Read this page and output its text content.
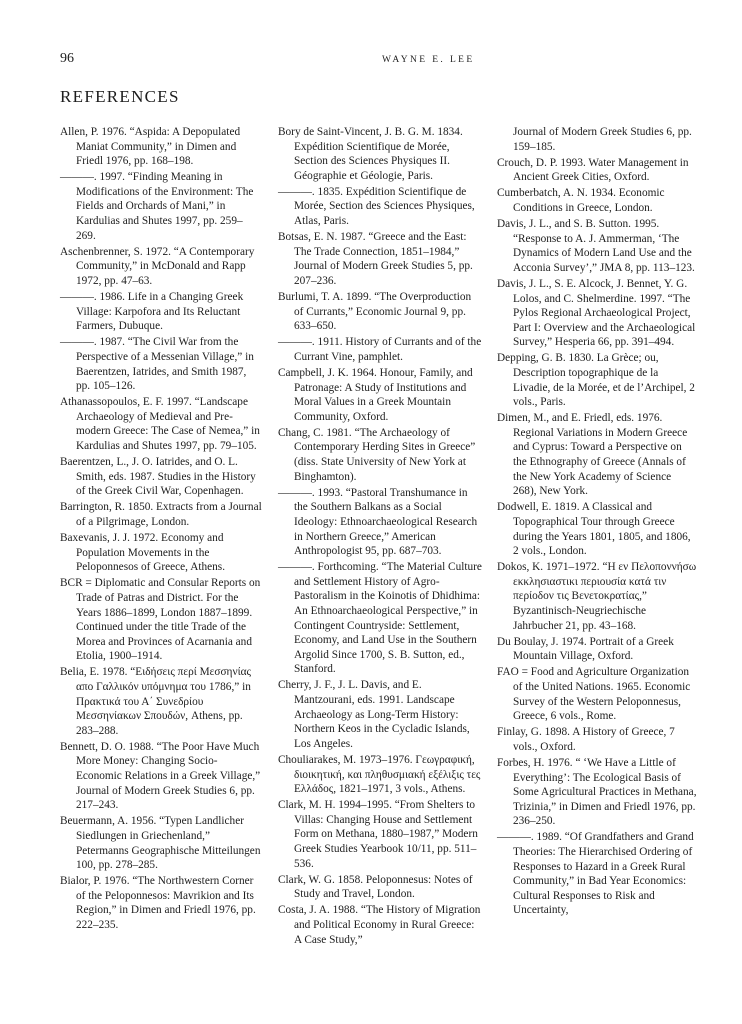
96	WAYNE E. LEE
REFERENCES

Allen, P. 1976. “Aspida: A Depopulated Maniat Community,” in Dimen and Friedl 1976, pp. 168–198.

———. 1997. “Finding Meaning in Modifications of the Environment: The Fields and Orchards of Mani,” in Kardulias and Shutes 1997, pp. 259–269.

Aschenbrenner, S. 1972. “A Contemporary Community,” in McDonald and Rapp 1972, pp. 47–63.

———. 1986. Life in a Changing Greek Village: Karpofora and Its Reluctant Farmers, Dubuque.

———. 1987. “The Civil War from the Perspective of a Messenian Village,” in Baerentzen, Iatrides, and Smith 1987, pp. 105–126.

Athanassopoulos, E. F. 1997. “Landscape Archaeology of Medieval and Pre-modern Greece: The Case of Nemea,” in Kardulias and Shutes 1997, pp. 79–105.

Baerentzen, L., J. O. Iatrides, and O. L. Smith, eds. 1987. Studies in the History of the Greek Civil War, Copenhagen.

Barrington, R. 1850. Extracts from a Journal of a Pilgrimage, London.

Baxevanis, J. J. 1972. Economy and Population Movements in the Peloponnesos of Greece, Athens.

BCR = Diplomatic and Consular Reports on Trade of Patras and District. For the Years 1886–1899, London 1887–1899. Continued under the title Trade of the Morea and Provinces of Acarnania and Etolia, 1900–1914.

Belia, E. 1978. “Ειδήσεις περί Μεσσηνίας απο Γαλλικόν υπόμνημα του 1786,” in Πρακτικά του Α΄ Συνεδρίου Μεσσηνίακων Σπουδών, Athens, pp. 283–288.

Bennett, D. O. 1988. “The Poor Have Much More Money: Changing Socio-Economic Relations in a Greek Village,” Journal of Modern Greek Studies 6, pp. 217–243.

Beuermann, A. 1956. “Typen Landlicher Siedlungen in Griechenland,” Petermanns Geographische Mitteilungen 100, pp. 278–285.

Bialor, P. 1976. “The Northwestern Corner of the Peloponnesos: Mavrikion and Its Region,” in Dimen and Friedl 1976, pp. 222–235.

Bory de Saint-Vincent, J. B. G. M. 1834. Expédition Scientifique de Morée, Section des Sciences Physiques II. Géographie et Géologie, Paris.

———. 1835. Expédition Scientifique de Morée, Section des Sciences Physiques, Atlas, Paris.

Botsas, E. N. 1987. “Greece and the East: The Trade Connection, 1851–1984,” Journal of Modern Greek Studies 5, pp. 207–236.

Burlumi, T. A. 1899. “The Overproduction of Currants,” Economic Journal 9, pp. 633–650.

———. 1911. History of Currants and of the Currant Vine, pamphlet.

Campbell, J. K. 1964. Honour, Family, and Patronage: A Study of Institutions and Moral Values in a Greek Mountain Community, Oxford.

Chang, C. 1981. “The Archaeology of Contemporary Herding Sites in Greece” (diss. State University of New York at Binghamton).

———. 1993. “Pastoral Transhumance in the Southern Balkans as a Social Ideology: Ethnoarchaeological Research in Northern Greece,” American Anthropologist 95, pp. 687–703.

———. Forthcoming. “The Material Culture and Settlement History of Agro-Pastoralism in the Koinotis of Dhidhima: An Ethnoarchaeological Perspective,” in Contingent Countryside: Settlement, Economy, and Land Use in the Southern Argolid Since 1700, S. B. Sutton, ed., Stanford.

Cherry, J. F., J. L. Davis, and E. Mantzourani, eds. 1991. Landscape Archaeology as Long-Term History: Northern Keos in the Cycladic Islands, Los Angeles.

Chouliarakes, M. 1973–1976. Γεωγραφική, διοικητική, και πληθυσμιακή εξέλιξις τες Ελλάδος, 1821–1971, 3 vols., Athens.

Clark, M. H. 1994–1995. “From Shelters to Villas: Changing House and Settlement Form on Methana, 1880–1987,” Modern Greek Studies Yearbook 10/11, pp. 511–536.

Clark, W. G. 1858. Peloponnesus: Notes of Study and Travel, London.

Costa, J. A. 1988. “The History of Migration and Political Economy in Rural Greece: A Case Study,”

Journal of Modern Greek Studies 6, pp. 159–185.

Crouch, D. P. 1993. Water Management in Ancient Greek Cities, Oxford.

Cumberbatch, A. N. 1934. Economic Conditions in Greece, London.

Davis, J. L., and S. B. Sutton. 1995. “Response to A. J. Ammerman, ‘The Dynamics of Modern Land Use and the Acconia Survey’,” JMA 8, pp. 113–123.

Davis, J. L., S. E. Alcock, J. Bennet, Y. G. Lolos, and C. Shelmerdine. 1997. “The Pylos Regional Archaeological Project, Part I: Overview and the Archaeological Survey,” Hesperia 66, pp. 391–494.

Depping, G. B. 1830. La Grèce; ou, Description topographique de la Livadie, de la Morée, et de l’Archipel, 2 vols., Paris.

Dimen, M., and E. Friedl, eds. 1976. Regional Variations in Modern Greece and Cyprus: Toward a Perspective on the Ethnography of Greece (Annals of the New York Academy of Science 268), New York.

Dodwell, E. 1819. A Classical and Topographical Tour through Greece during the Years 1801, 1805, and 1806, 2 vols., London.

Dokos, K. 1971–1972. “Η εν Πελοποννήσω εκκλησιαστικι περιουσία κατά τιν περίοδον τις Βενετοκρατίας,” Byzantinisch-Neugriechische Jahrbucher 21, pp. 43–168.

Du Boulay, J. 1974. Portrait of a Greek Mountain Village, Oxford.

FAO = Food and Agriculture Organization of the United Nations. 1965. Economic Survey of the Western Peloponnesus, Greece, 6 vols., Rome.

Finlay, G. 1898. A History of Greece, 7 vols., Oxford.

Forbes, H. 1976. “ ‘We Have a Little of Everything’: The Ecological Basis of Some Agricultural Practices in Methana, Trizinia,” in Dimen and Friedl 1976, pp. 236–250.

———. 1989. “Of Grandfathers and Grand Theories: The Hierarchised Ordering of Responses to Hazard in a Greek Rural Community,” in Bad Year Economics: Cultural Responses to Risk and Uncertainty,
